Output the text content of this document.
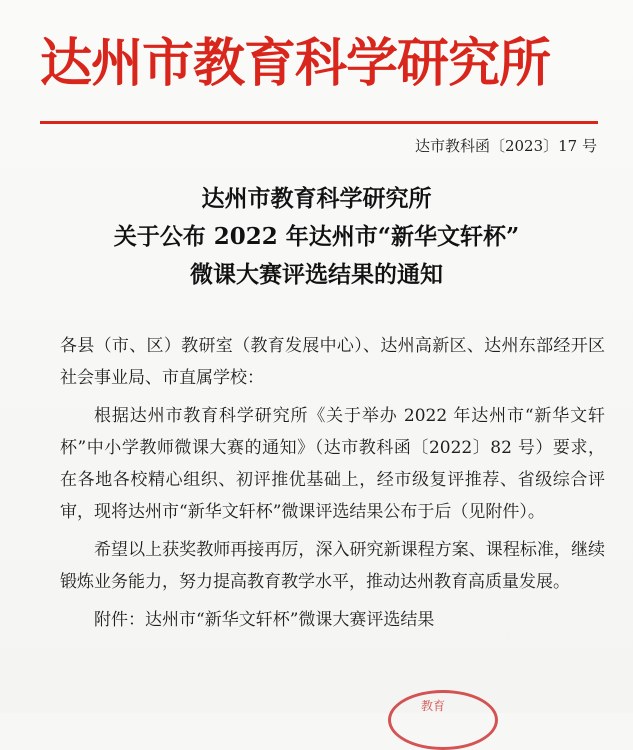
达州市教育科学研究所
达市教科函〔2023〕17 号
达州市教育科学研究所
关于公布 2022 年达州市“新华文轩杯”
微课大赛评选结果的通知

各县（市、区）教研室（教育发展中心）、达州高新区、达州东部经开区社会事业局、市直属学校：

根据达州市教育科学研究所《关于举办 2022 年达州市“新华文轩杯”中小学教师微课大赛的通知》（达市教科函〔2022〕82 号）要求，在各地各校精心组织、初评推优基础上，经市级复评推荐、省级综合评审，现将达州市“新华文轩杯”微课评选结果公布于后（见附件）。

希望以上获奖教师再接再厉，深入研究新课程方案、课程标准，继续锻炼业务能力，努力提高教育教学水平，推动达州教育高质量发展。

附件：达州市“新华文轩杯”微课大赛评选结果

教育
